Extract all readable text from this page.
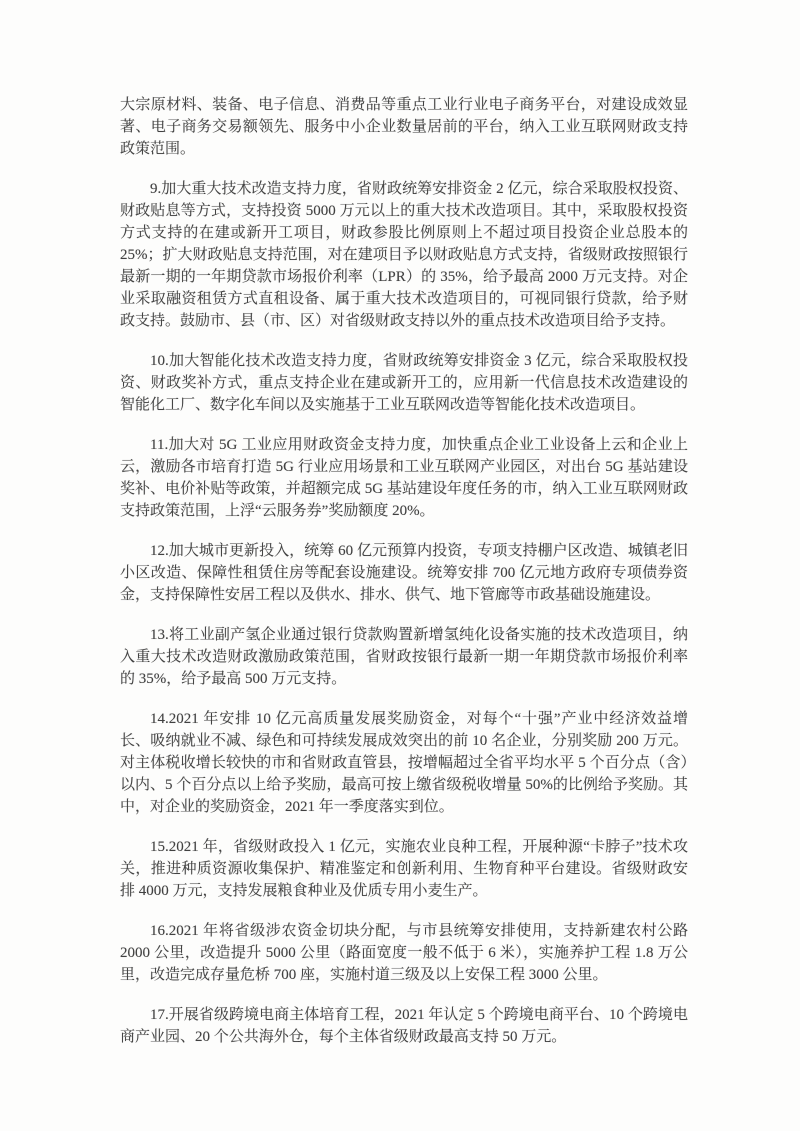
大宗原材料、装备、电子信息、消费品等重点工业行业电子商务平台，对建设成效显著、电子商务交易额领先、服务中小企业数量居前的平台，纳入工业互联网财政支持政策范围。

9.加大重大技术改造支持力度，省财政统筹安排资金 2 亿元，综合采取股权投资、财政贴息等方式，支持投资 5000 万元以上的重大技术改造项目。其中，采取股权投资方式支持的在建或新开工项目，财政参股比例原则上不超过项目投资企业总股本的 25%；扩大财政贴息支持范围，对在建项目予以财政贴息方式支持，省级财政按照银行最新一期的一年期贷款市场报价利率（LPR）的 35%，给予最高 2000 万元支持。对企业采取融资租赁方式直租设备、属于重大技术改造项目的，可视同银行贷款，给予财政支持。鼓励市、县（市、区）对省级财政支持以外的重点技术改造项目给予支持。

10.加大智能化技术改造支持力度，省财政统筹安排资金 3 亿元，综合采取股权投资、财政奖补方式，重点支持企业在建或新开工的，应用新一代信息技术改造建设的智能化工厂、数字化车间以及实施基于工业互联网改造等智能化技术改造项目。

11.加大对 5G 工业应用财政资金支持力度，加快重点企业工业设备上云和企业上云，激励各市培育打造 5G 行业应用场景和工业互联网产业园区，对出台 5G 基站建设奖补、电价补贴等政策，并超额完成 5G 基站建设年度任务的市，纳入工业互联网财政支持政策范围，上浮“云服务券”奖励额度 20%。

12.加大城市更新投入，统筹 60 亿元预算内投资，专项支持棚户区改造、城镇老旧小区改造、保障性租赁住房等配套设施建设。统筹安排 700 亿元地方政府专项债券资金，支持保障性安居工程以及供水、排水、供气、地下管廊等市政基础设施建设。

13.将工业副产氢企业通过银行贷款购置新增氢纯化设备实施的技术改造项目，纳入重大技术改造财政激励政策范围，省财政按银行最新一期一年期贷款市场报价利率的 35%，给予最高 500 万元支持。

14.2021 年安排 10 亿元高质量发展奖励资金，对每个“十强”产业中经济效益增长、吸纳就业不减、绿色和可持续发展成效突出的前 10 名企业，分别奖励 200 万元。对主体税收增长较快的市和省财政直管县，按增幅超过全省平均水平 5 个百分点（含）以内、5 个百分点以上给予奖励，最高可按上缴省级税收增量 50%的比例给予奖励。其中，对企业的奖励资金，2021 年一季度落实到位。

15.2021 年，省级财政投入 1 亿元，实施农业良种工程，开展种源“卡脖子”技术攻关，推进种质资源收集保护、精准鉴定和创新利用、生物育种平台建设。省级财政安排 4000 万元，支持发展粮食种业及优质专用小麦生产。

16.2021 年将省级涉农资金切块分配，与市县统筹安排使用，支持新建农村公路 2000 公里，改造提升 5000 公里（路面宽度一般不低于 6 米），实施养护工程 1.8 万公里，改造完成存量危桥 700 座，实施村道三级及以上安保工程 3000 公里。

17.开展省级跨境电商主体培育工程，2021 年认定 5 个跨境电商平台、10 个跨境电商产业园、20 个公共海外仓，每个主体省级财政最高支持 50 万元。
